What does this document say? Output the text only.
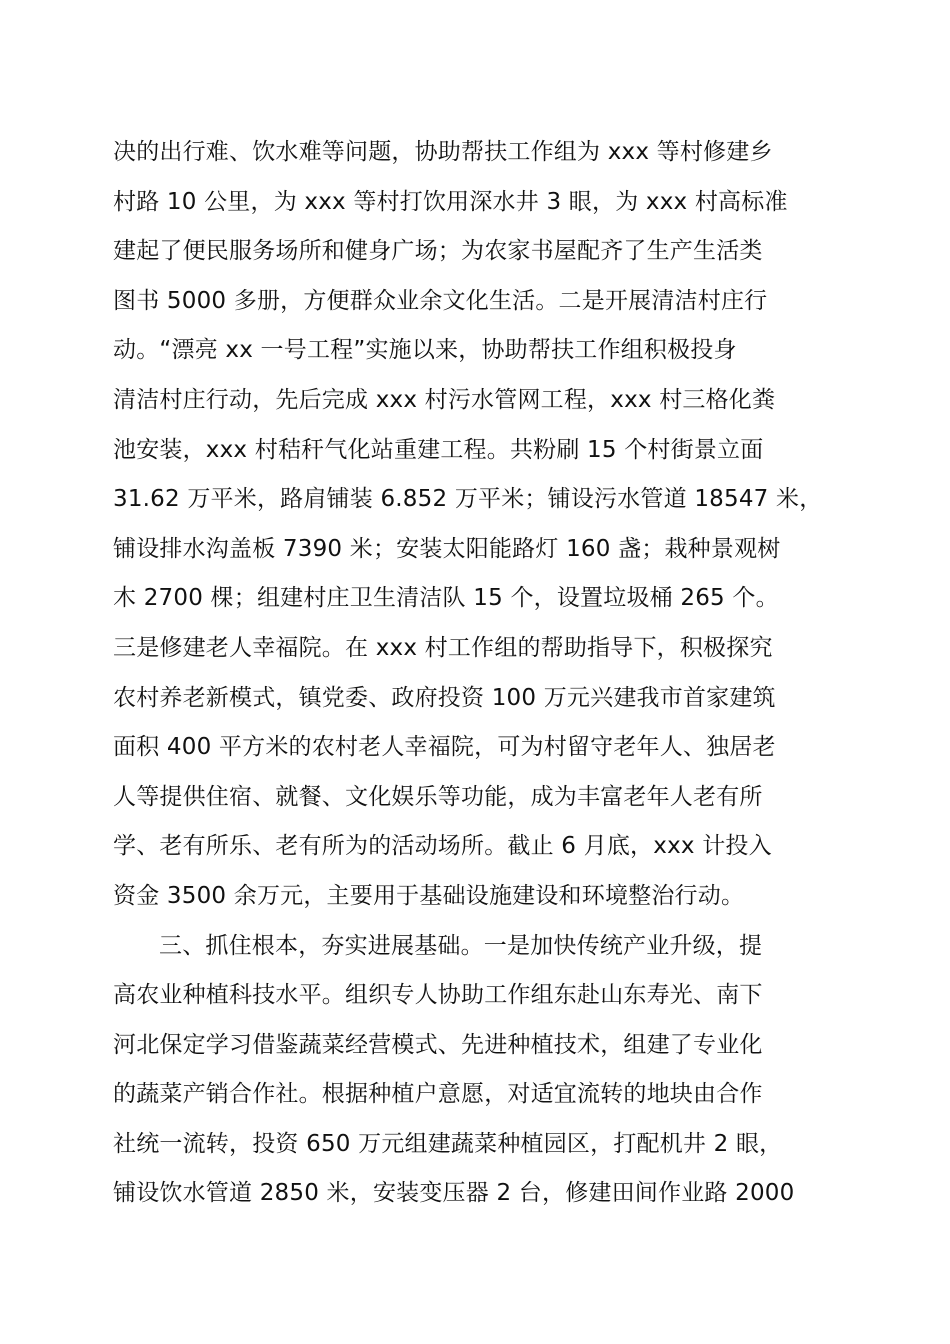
决的出行难、饮水难等问题，协助帮扶工作组为 xxx 等村修建乡
村路 10 公里，为 xxx 等村打饮用深水井 3 眼，为 xxx 村高标准
建起了便民服务场所和健身广场；为农家书屋配齐了生产生活类
图书 5000 多册，方便群众业余文化生活。二是开展清洁村庄行
动。“漂亮 xx 一号工程”实施以来，协助帮扶工作组积极投身
清洁村庄行动，先后完成 xxx 村污水管网工程，xxx 村三格化粪
池安装，xxx 村秸秆气化站重建工程。共粉刷 15 个村街景立面
31.62 万平米，路肩铺装 6.852 万平米；铺设污水管道 18547 米，
铺设排水沟盖板 7390 米；安装太阳能路灯 160 盏；栽种景观树
木 2700 棵；组建村庄卫生清洁队 15 个，设置垃圾桶 265 个。
三是修建老人幸福院。在 xxx 村工作组的帮助指导下，积极探究
农村养老新模式，镇党委、政府投资 100 万元兴建我市首家建筑
面积 400 平方米的农村老人幸福院，可为村留守老年人、独居老
人等提供住宿、就餐、文化娱乐等功能，成为丰富老年人老有所
学、老有所乐、老有所为的活动场所。截止 6 月底，xxx 计投入
资金 3500 余万元，主要用于基础设施建设和环境整治行动。
三、抓住根本，夯实进展基础。一是加快传统产业升级，提
高农业种植科技水平。组织专人协助工作组东赴山东寿光、南下
河北保定学习借鉴蔬菜经营模式、先进种植技术，组建了专业化
的蔬菜产销合作社。根据种植户意愿，对适宜流转的地块由合作
社统一流转，投资 650 万元组建蔬菜种植园区，打配机井 2 眼，
铺设饮水管道 2850 米，安装变压器 2 台，修建田间作业路 2000
